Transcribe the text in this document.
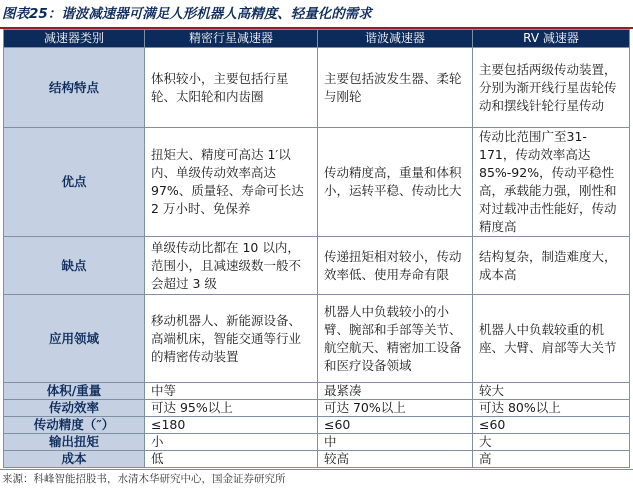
图表25：谐波减速器可满足人形机器人高精度、轻量化的需求
减速器类别	精密行星减速器	谐波减速器	RV 减速器
结构特点	体积较小，主要包括行星轮、太阳轮和内齿圈	主要包括波发生器、柔轮与刚轮	主要包括两级传动装置，分别为渐开线行星齿轮传动和摆线针轮行星传动
优点	扭矩大、精度可高达 1′以内、单级传动效率高达97%、质量轻、寿命可长达 2 万小时、免保养	传动精度高，重量和体积小，运转平稳、传动比大	传动比范围广至31-171，传动效率高达 85%-92%，传动平稳性高，承载能力强，刚性和对过载冲击性能好，传动精度高
缺点	单级传动比都在 10 以内，范围小，且减速级数一般不会超过 3 级	传递扭矩相对较小，传动效率低、使用寿命有限	结构复杂，制造难度大，成本高
应用领域	移动机器人、新能源设备、高端机床，智能交通等行业的精密传动装置	机器人中负载较小的小臂、腕部和手部等关节、航空航天、精密加工设备和医疗设备领域	机器人中负载较重的机座、大臂、肩部等大关节
体积/重量	中等	最紧凑	较大
传动效率	可达 95%以上	可达 70%以上	可达 80%以上
传动精度（″）	≤180	≤60	≤60
输出扭矩	小	中	大
成本	低	较高	高
来源：科峰智能招股书，水清木华研究中心，国金证券研究所
